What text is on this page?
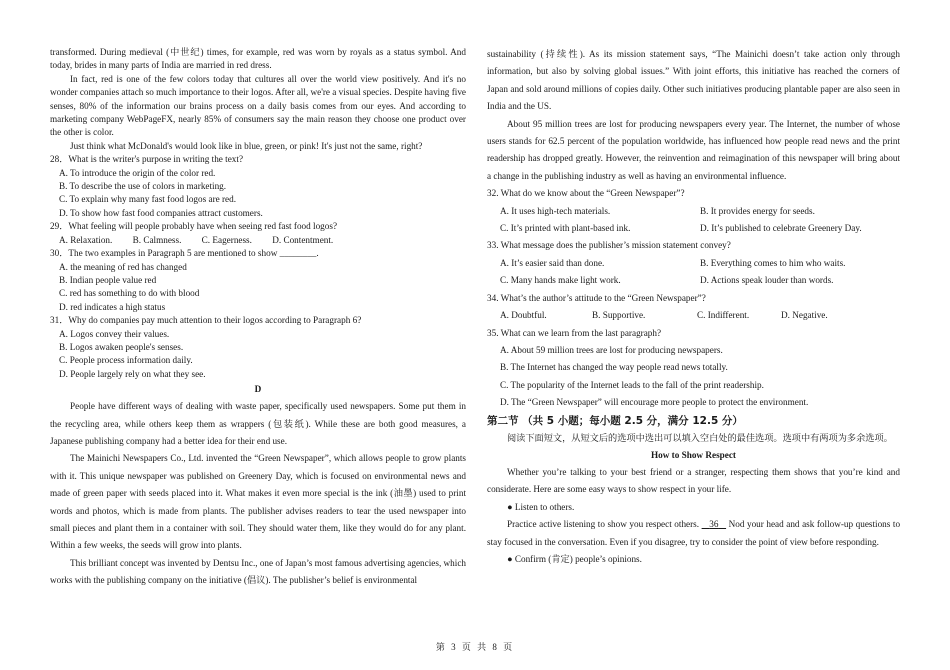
transformed. During medieval (中世纪) times, for example, red was worn by royals as a status symbol. And today, brides in many parts of India are married in red dress.

In fact, red is one of the few colors today that cultures all over the world view positively. And it's no wonder companies attach so much importance to their logos. After all, we're a visual species. Despite having five senses, 80% of the information our brains process on a daily basis comes from our eyes. And according to marketing company WebPageFX, nearly 85% of consumers say the main reason they choose one product over the other is color.

Just think what McDonald's would look like in blue, green, or pink! It's just not the same, right?

28．What is the writer's purpose in writing the text?

A. To introduce the origin of the color red.

B. To describe the use of colors in marketing.

C. To explain why many fast food logos are red.

D. To show how fast food companies attract customers.

29．What feeling will people probably have when seeing red fast food logos?

A. Relaxation. B. Calmness. C. Eagerness. D. Contentment.

30．The two examples in Paragraph 5 are mentioned to show ________.

A. the meaning of red has changed

B. Indian people value red

C. red has something to do with blood

D. red indicates a high status

31．Why do companies pay much attention to their logos according to Paragraph 6?

A. Logos convey their values.

B. Logos awaken people's senses.

C. People process information daily.

D. People largely rely on what they see.

D

People have different ways of dealing with waste paper, specifically used newspapers. Some put them in the recycling area, while others keep them as wrappers (包装纸). While these are both good measures, a Japanese publishing company had a better idea for their end use.

The Mainichi Newspapers Co., Ltd. invented the “Green Newspaper”, which allows people to grow plants with it. This unique newspaper was published on Greenery Day, which is focused on environmental news and made of green paper with seeds placed into it. What makes it even more special is the ink (油墨) used to print words and photos, which is made from plants. The publisher advises readers to tear the used newspaper into small pieces and plant them in a container with soil. They should water them, like they would do for any plant. Within a few weeks, the seeds will grow into plants.

This brilliant concept was invented by Dentsu Inc., one of Japan’s most famous advertising agencies, which works with the publishing company on the initiative (倡议). The publisher’s belief is environmental

sustainability (持续性). As its mission statement says, “The Mainichi doesn’t take action only through information, but also by solving global issues.” With joint efforts, this initiative has reached the corners of Japan and sold around millions of copies daily. Other such initiatives producing plantable paper are also seen in India and the US.

About 95 million trees are lost for producing newspapers every year. The Internet, the number of whose users stands for 62.5 percent of the population worldwide, has influenced how people read news and the print readership has dropped greatly. However, the reinvention and reimagination of this newspaper will bring about a change in the publishing industry as well as having an environmental influence.

32. What do we know about the “Green Newspaper”?

A. It uses high-tech materials.	B. It provides energy for seeds.
C. It’s printed with plant-based ink.	D. It’s published to celebrate Greenery Day.

33. What message does the publisher’s mission statement convey?

A. It’s easier said than done.	B. Everything comes to him who waits.
C. Many hands make light work.	D. Actions speak louder than words.

34. What’s the author’s attitude to the “Green Newspaper”?

A. Doubtful.	B. Supportive.	C. Indifferent.	D. Negative.

35. What can we learn from the last paragraph?

A. About 59 million trees are lost for producing newspapers.

B. The Internet has changed the way people read news totally.

C. The popularity of the Internet leads to the fall of the print readership.

D. The “Green Newspaper” will encourage more people to protect the environment.

第二节 （共 5 小题；每小题 2.5 分，满分 12.5 分）

阅读下面短文，从短文后的选项中选出可以填入空白处的最佳选项。选项中有两项为多余选项。

How to Show Respect

Whether you’re talking to your best friend or a stranger, respecting them shows that you’re kind and considerate. Here are some easy ways to show respect in your life.

● Listen to others.

Practice active listening to show you respect others. 36 Nod your head and ask follow-up questions to stay focused in the conversation. Even if you disagree, try to consider the point of view before responding.

● Confirm (肯定) people’s opinions.

第 3 页 共 8 页
